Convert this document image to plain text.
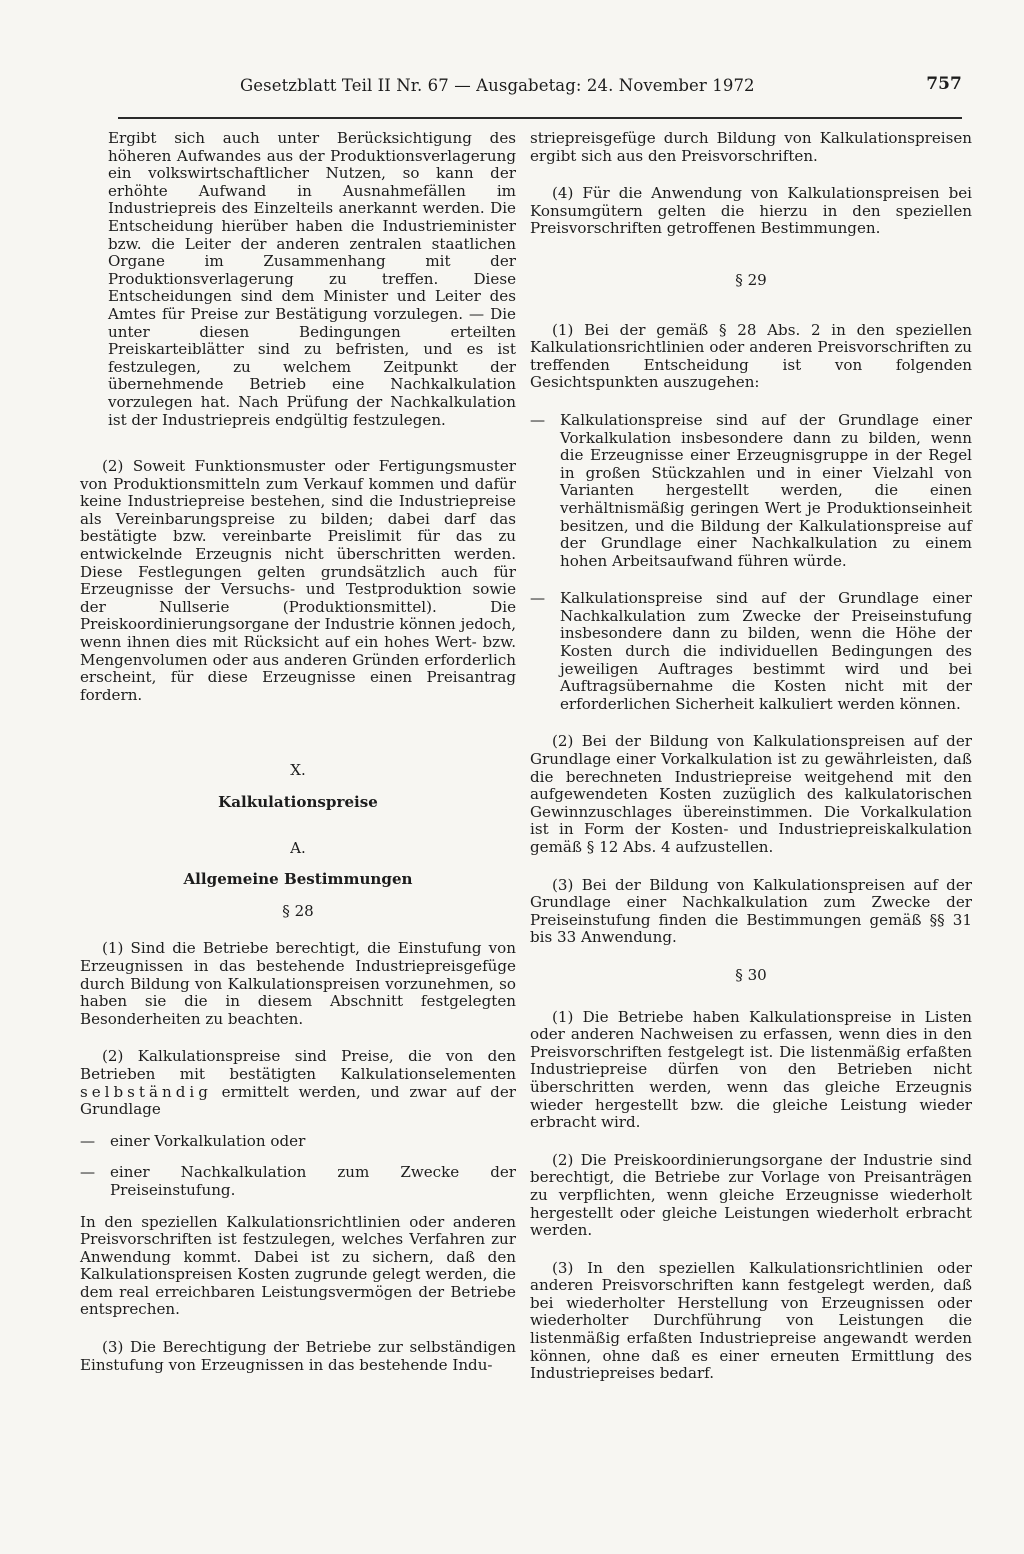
Gesetzblatt Teil II Nr. 67 — Ausgabetag: 24. November 1972	757

Ergibt sich auch unter Berücksichtigung des höheren Aufwandes aus der Produktionsverlagerung ein volkswirtschaftlicher Nutzen, so kann der erhöhte Aufwand in Ausnahmefällen im Industriepreis des Einzelteils anerkannt werden. Die Entscheidung hierüber haben die Industrieminister bzw. die Leiter der anderen zentralen staatlichen Organe im Zusammenhang mit der Produktionsverlagerung zu treffen. Diese Entscheidungen sind dem Minister und Leiter des Amtes für Preise zur Bestätigung vorzulegen. — Die unter diesen Bedingungen erteilten Preiskarteiblätter sind zu befristen, und es ist festzulegen, zu welchem Zeitpunkt der übernehmende Betrieb eine Nachkalkulation vorzulegen hat. Nach Prüfung der Nachkalkulation ist der Industriepreis endgültig festzulegen.

(2) Soweit Funktionsmuster oder Fertigungsmuster von Produktionsmitteln zum Verkauf kommen und dafür keine Industriepreise bestehen, sind die Industriepreise als Vereinbarungspreise zu bilden; dabei darf das bestätigte bzw. vereinbarte Preislimit für das zu entwickelnde Erzeugnis nicht überschritten werden. Diese Festlegungen gelten grundsätzlich auch für Erzeugnisse der Versuchs- und Testproduktion sowie der Nullserie (Produktionsmittel). Die Preiskoordinierungsorgane der Industrie können jedoch, wenn ihnen dies mit Rücksicht auf ein hohes Wert- bzw. Mengenvolumen oder aus anderen Gründen erforderlich erscheint, für diese Erzeugnisse einen Preisantrag fordern.

X.

Kalkulationspreise

A.

Allgemeine Bestimmungen

§ 28

(1) Sind die Betriebe berechtigt, die Einstufung von Erzeugnissen in das bestehende Industriepreisgefüge durch Bildung von Kalkulationspreisen vorzunehmen, so haben sie die in diesem Abschnitt festgelegten Besonderheiten zu beachten.

(2) Kalkulationspreise sind Preise, die von den Betrieben mit bestätigten Kalkulationselementen selbständig ermittelt werden, und zwar auf der Grundlage

— einer Vorkalkulation oder

— einer Nachkalkulation zum Zwecke der Preiseinstufung.

In den speziellen Kalkulationsrichtlinien oder anderen Preisvorschriften ist festzulegen, welches Verfahren zur Anwendung kommt. Dabei ist zu sichern, daß den Kalkulationspreisen Kosten zugrunde gelegt werden, die dem real erreichbaren Leistungsvermögen der Betriebe entsprechen.

(3) Die Berechtigung der Betriebe zur selbständigen Einstufung von Erzeugnissen in das bestehende Indu-

striepreisgefüge durch Bildung von Kalkulationspreisen ergibt sich aus den Preisvorschriften.

(4) Für die Anwendung von Kalkulationspreisen bei Konsumgütern gelten die hierzu in den speziellen Preisvorschriften getroffenen Bestimmungen.

§ 29

(1) Bei der gemäß § 28 Abs. 2 in den speziellen Kalkulationsrichtlinien oder anderen Preisvorschriften zu treffenden Entscheidung ist von folgenden Gesichtspunkten auszugehen:

— Kalkulationspreise sind auf der Grundlage einer Vorkalkulation insbesondere dann zu bilden, wenn die Erzeugnisse einer Erzeugnisgruppe in der Regel in großen Stückzahlen und in einer Vielzahl von Varianten hergestellt werden, die einen verhältnismäßig geringen Wert je Produktionseinheit besitzen, und die Bildung der Kalkulationspreise auf der Grundlage einer Nachkalkulation zu einem hohen Arbeitsaufwand führen würde.

— Kalkulationspreise sind auf der Grundlage einer Nachkalkulation zum Zwecke der Preiseinstufung insbesondere dann zu bilden, wenn die Höhe der Kosten durch die individuellen Bedingungen des jeweiligen Auftrages bestimmt wird und bei Auftragsübernahme die Kosten nicht mit der erforderlichen Sicherheit kalkuliert werden können.

(2) Bei der Bildung von Kalkulationspreisen auf der Grundlage einer Vorkalkulation ist zu gewährleisten, daß die berechneten Industriepreise weitgehend mit den aufgewendeten Kosten zuzüglich des kalkulatorischen Gewinnzuschlages übereinstimmen. Die Vorkalkulation ist in Form der Kosten- und Industriepreiskalkulation gemäß § 12 Abs. 4 aufzustellen.

(3) Bei der Bildung von Kalkulationspreisen auf der Grundlage einer Nachkalkulation zum Zwecke der Preiseinstufung finden die Bestimmungen gemäß §§ 31 bis 33 Anwendung.

§ 30

(1) Die Betriebe haben Kalkulationspreise in Listen oder anderen Nachweisen zu erfassen, wenn dies in den Preisvorschriften festgelegt ist. Die listenmäßig erfaßten Industriepreise dürfen von den Betrieben nicht überschritten werden, wenn das gleiche Erzeugnis wieder hergestellt bzw. die gleiche Leistung wieder erbracht wird.

(2) Die Preiskoordinierungsorgane der Industrie sind berechtigt, die Betriebe zur Vorlage von Preisanträgen zu verpflichten, wenn gleiche Erzeugnisse wiederholt hergestellt oder gleiche Leistungen wiederholt erbracht werden.

(3) In den speziellen Kalkulationsrichtlinien oder anderen Preisvorschriften kann festgelegt werden, daß bei wiederholter Herstellung von Erzeugnissen oder wiederholter Durchführung von Leistungen die listenmäßig erfaßten Industriepreise angewandt werden können, ohne daß es einer erneuten Ermittlung des Industriepreises bedarf.
